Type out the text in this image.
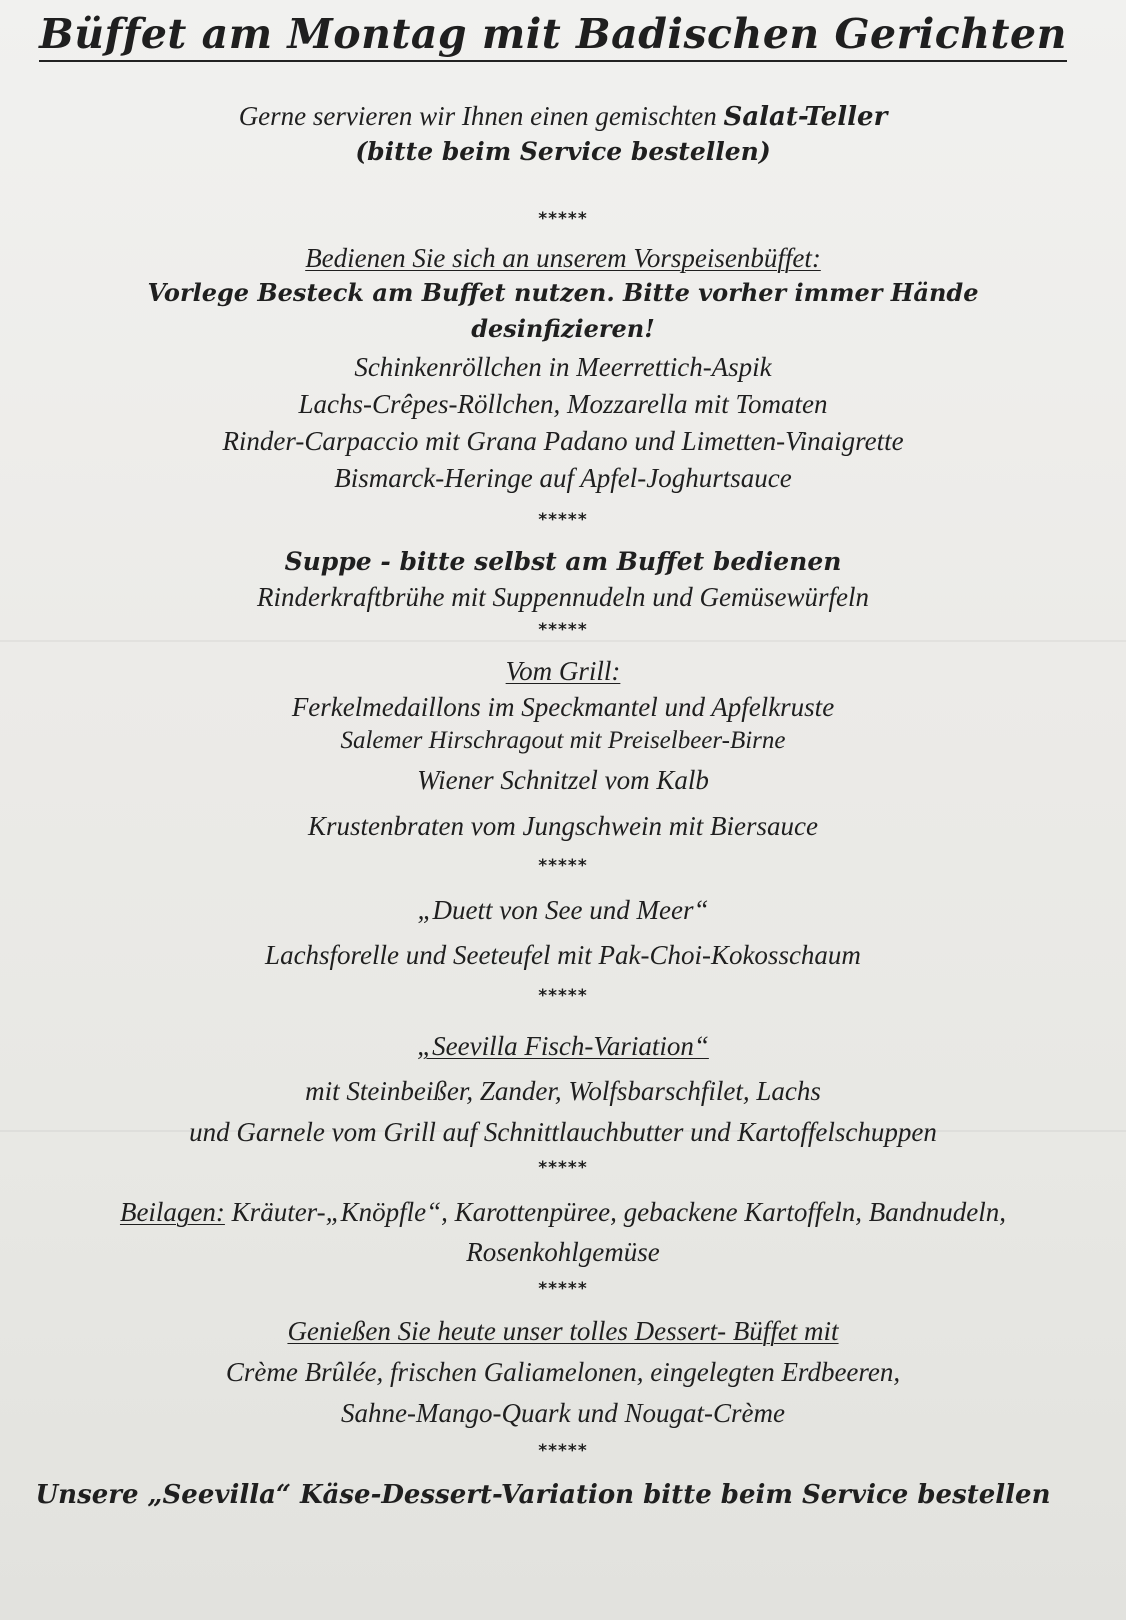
Büffet am Montag mit Badischen Gerichten
Gerne servieren wir Ihnen einen gemischten Salat-Teller
(bitte beim Service bestellen)
*****
Bedienen Sie sich an unserem Vorspeisenbüffet:
Vorlege Besteck am Buffet nutzen. Bitte vorher immer Hände
desinfizieren!
Schinkenröllchen in Meerrettich-Aspik
Lachs-Crêpes-Röllchen, Mozzarella mit Tomaten
Rinder-Carpaccio mit Grana Padano und Limetten-Vinaigrette
Bismarck-Heringe auf Apfel-Joghurtsauce
*****
Suppe - bitte selbst am Buffet bedienen
Rinderkraftbrühe mit Suppennudeln und Gemüsewürfeln
*****
Vom Grill:
Ferkelmedaillons im Speckmantel und Apfelkruste
Salemer Hirschragout mit Preiselbeer-Birne
Wiener Schnitzel vom Kalb
Krustenbraten vom Jungschwein mit Biersauce
*****
„Duett von See und Meer“
Lachsforelle und Seeteufel mit Pak-Choi-Kokosschaum
*****
„Seevilla Fisch-Variation“
mit Steinbeißer, Zander, Wolfsbarschfilet, Lachs
und Garnele vom Grill auf Schnittlauchbutter und Kartoffelschuppen
*****
Beilagen: Kräuter-„Knöpfle“, Karottenpüree, gebackene Kartoffeln, Bandnudeln,
Rosenkohlgemüse
*****
Genießen Sie heute unser tolles Dessert- Büffet mit
Crème Brûlée, frischen Galiamelonen, eingelegten Erdbeeren,
Sahne-Mango-Quark und Nougat-Crème
*****
Unsere „Seevilla“ Käse-Dessert-Variation bitte beim Service bestellen
